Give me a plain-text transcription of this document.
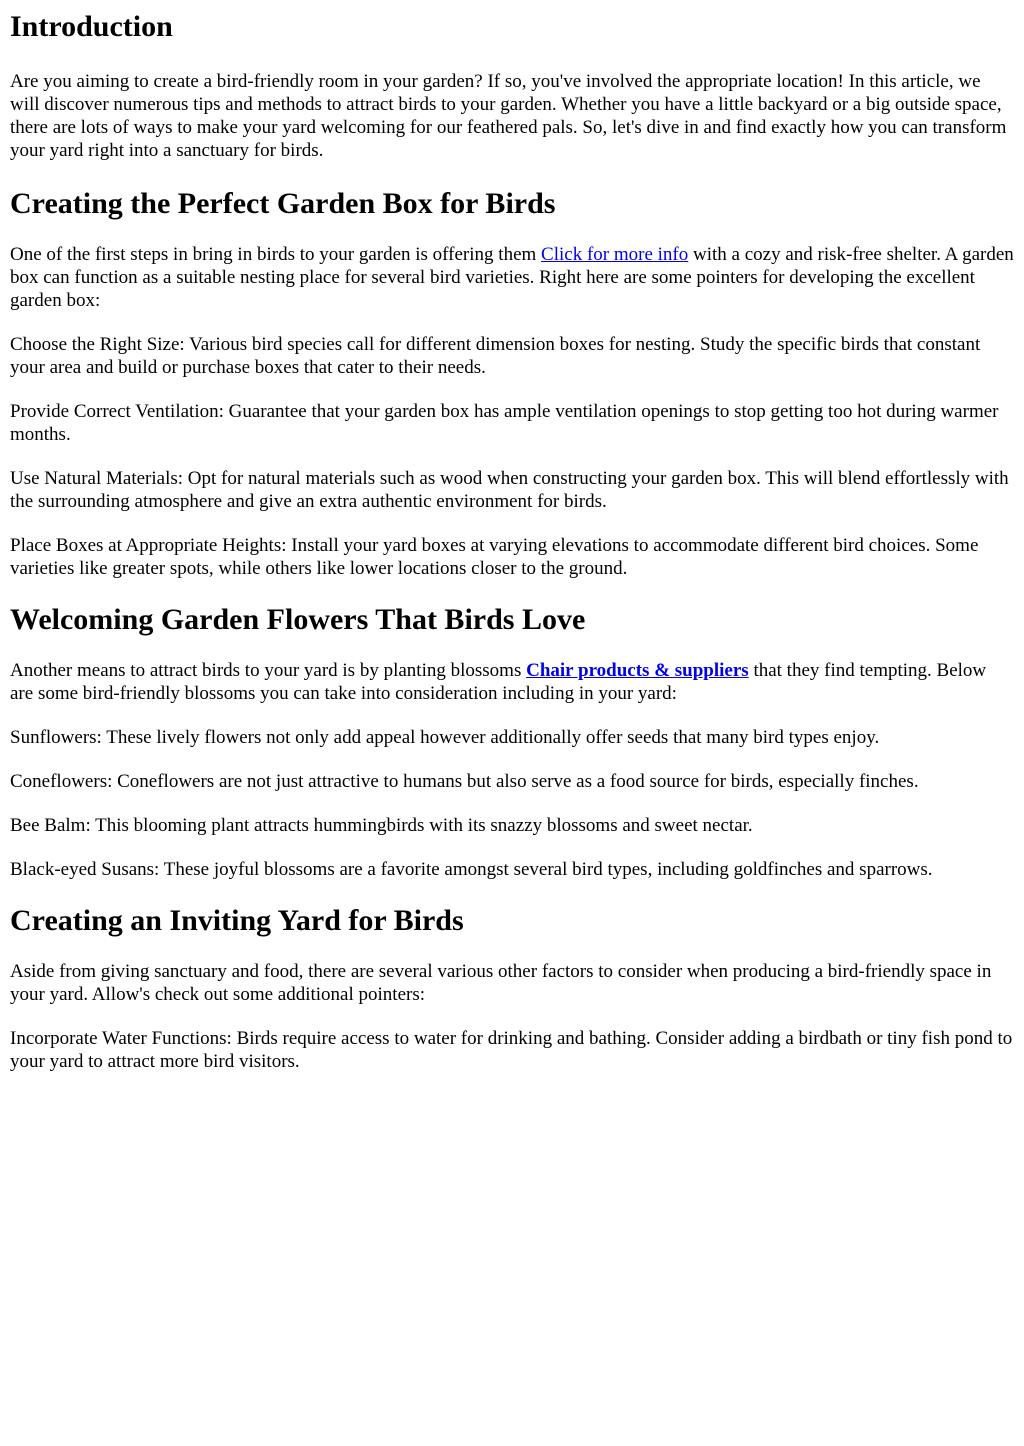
Introduction

Are you aiming to create a bird-friendly room in your garden? If so, you've involved the appropriate location! In this article, we will discover numerous tips and methods to attract birds to your garden. Whether you have a little backyard or a big outside space, there are lots of ways to make your yard welcoming for our feathered pals. So, let's dive in and find exactly how you can transform your yard right into a sanctuary for birds.

Creating the Perfect Garden Box for Birds

One of the first steps in bring in birds to your garden is offering them Click for more info with a cozy and risk-free shelter. A garden box can function as a suitable nesting place for several bird varieties. Right here are some pointers for developing the excellent garden box:

Choose the Right Size: Various bird species call for different dimension boxes for nesting. Study the specific birds that constant your area and build or purchase boxes that cater to their needs.

Provide Correct Ventilation: Guarantee that your garden box has ample ventilation openings to stop getting too hot during warmer months.

Use Natural Materials: Opt for natural materials such as wood when constructing your garden box. This will blend effortlessly with the surrounding atmosphere and give an extra authentic environment for birds.

Place Boxes at Appropriate Heights: Install your yard boxes at varying elevations to accommodate different bird choices. Some varieties like greater spots, while others like lower locations closer to the ground.

Welcoming Garden Flowers That Birds Love

Another means to attract birds to your yard is by planting blossoms Chair products & suppliers that they find tempting. Below are some bird-friendly blossoms you can take into consideration including in your yard:

Sunflowers: These lively flowers not only add appeal however additionally offer seeds that many bird types enjoy.

Coneflowers: Coneflowers are not just attractive to humans but also serve as a food source for birds, especially finches.

Bee Balm: This blooming plant attracts hummingbirds with its snazzy blossoms and sweet nectar.

Black-eyed Susans: These joyful blossoms are a favorite amongst several bird types, including goldfinches and sparrows.

Creating an Inviting Yard for Birds

Aside from giving sanctuary and food, there are several various other factors to consider when producing a bird-friendly space in your yard. Allow's check out some additional pointers:

Incorporate Water Functions: Birds require access to water for drinking and bathing. Consider adding a birdbath or tiny fish pond to your yard to attract more bird visitors.
